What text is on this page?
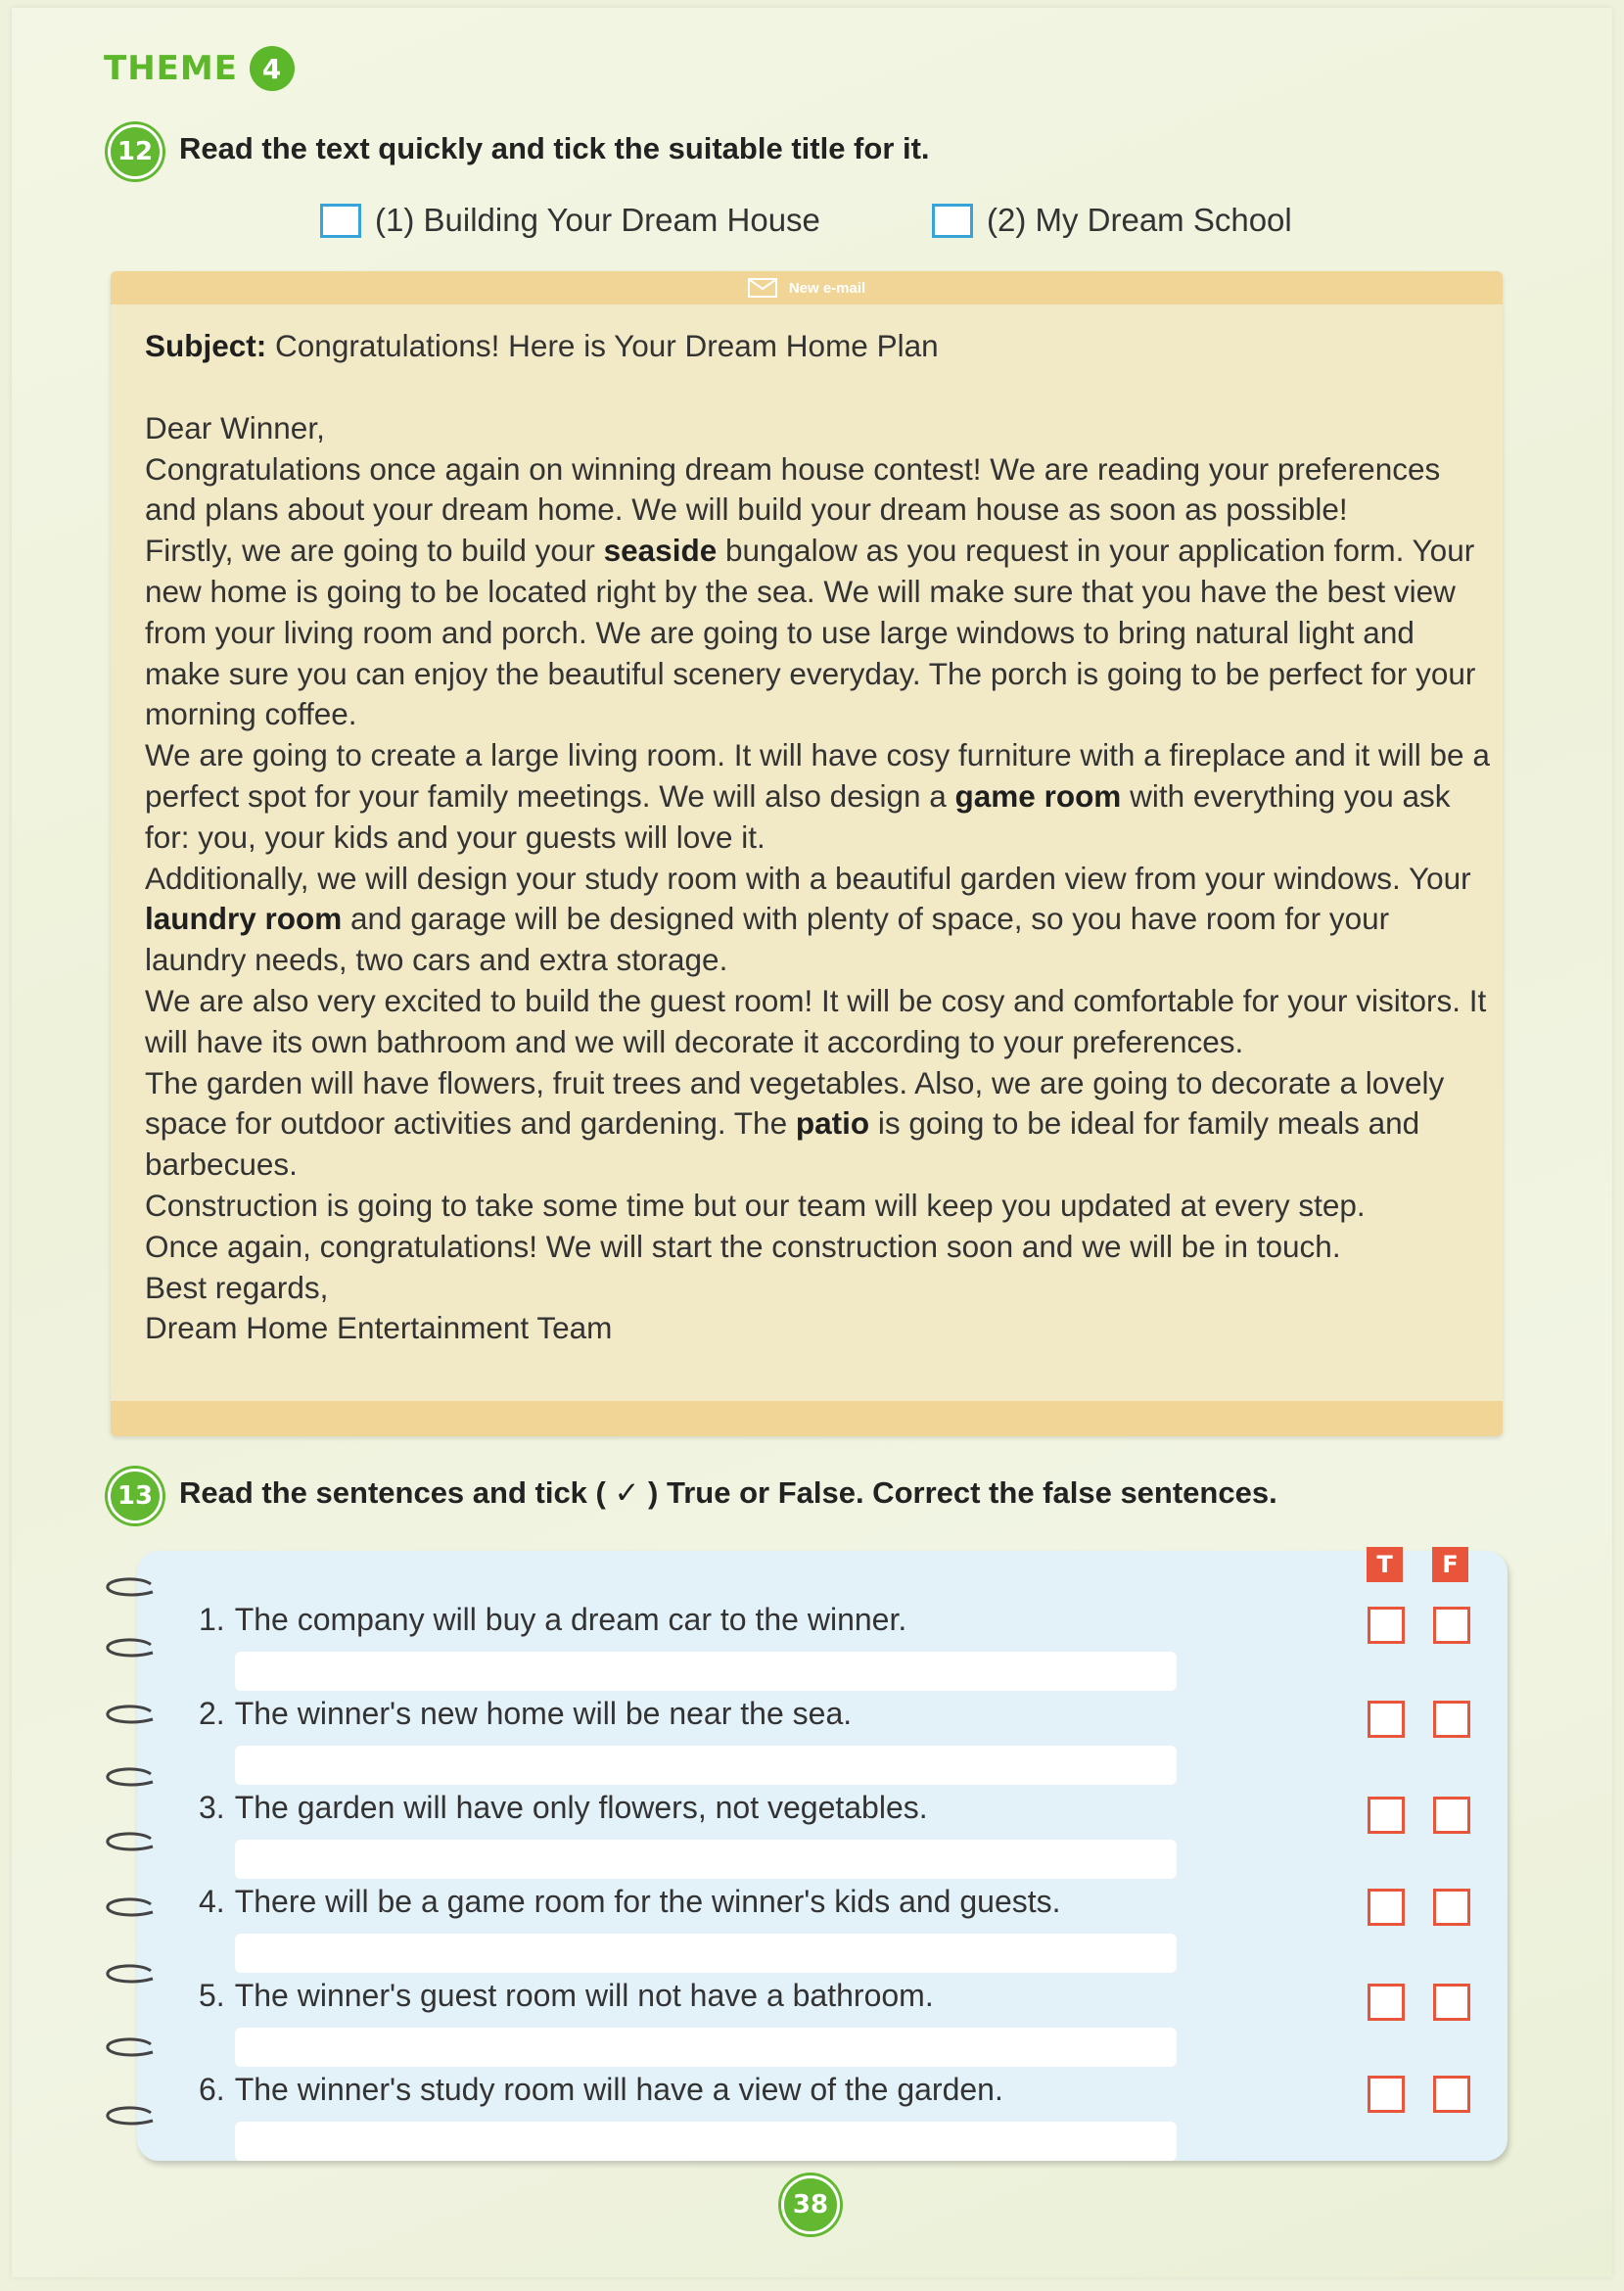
THEME 4
12 Read the text quickly and tick the suitable title for it.
(1) Building Your Dream House	(2) My Dream School
New e-mail

Subject: Congratulations! Here is Your Dream Home Plan

Dear Winner,

Congratulations once again on winning dream house contest! We are reading your preferences and plans about your dream home. We will build your dream house as soon as possible!

Firstly, we are going to build your seaside bungalow as you request in your application form. Your new home is going to be located right by the sea. We will make sure that you have the best view from your living room and porch. We are going to use large windows to bring natural light and make sure you can enjoy the beautiful scenery everyday. The porch is going to be perfect for your morning coffee.

We are going to create a large living room. It will have cosy furniture with a fireplace and it will be a perfect spot for your family meetings. We will also design a game room with everything you ask for: you, your kids and your guests will love it.

Additionally, we will design your study room with a beautiful garden view from your windows. Your laundry room and garage will be designed with plenty of space, so you have room for your laundry needs, two cars and extra storage.

We are also very excited to build the guest room! It will be cosy and comfortable for your visitors. It will have its own bathroom and we will decorate it according to your preferences.

The garden will have flowers, fruit trees and vegetables. Also, we are going to decorate a lovely space for outdoor activities and gardening. The patio is going to be ideal for family meals and barbecues.

Construction is going to take some time but our team will keep you updated at every step.

Once again, congratulations! We will start the construction soon and we will be in touch.

Best regards,

Dream Home Entertainment Team

13 Read the sentences and tick ( ✓ ) True or False. Correct the false sentences.
T	F
1. The company will buy a dream car to the winner.
2. The winner's new home will be near the sea.
3. The garden will have only flowers, not vegetables.
4. There will be a game room for the winner's kids and guests.
5. The winner's guest room will not have a bathroom.
6. The winner's study room will have a view of the garden.
38
